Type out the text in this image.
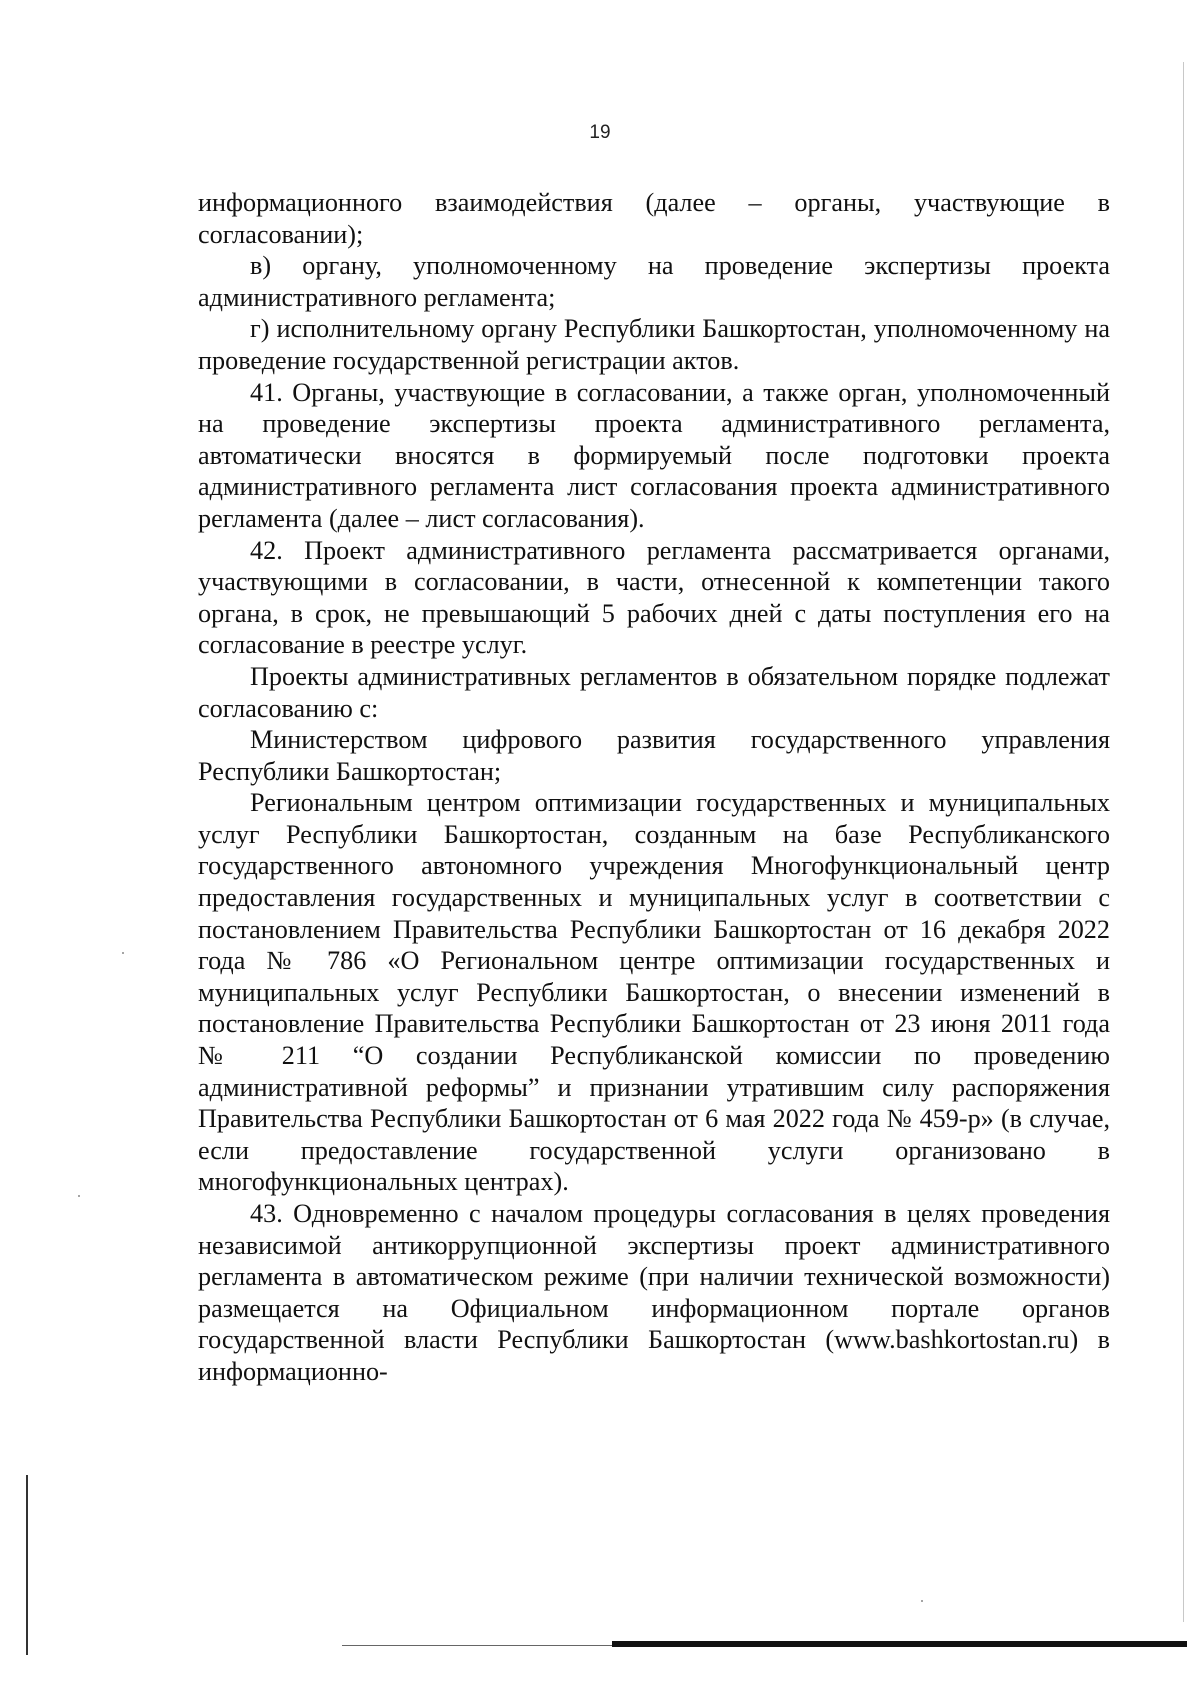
19

информационного взаимодействия (далее – органы, участвующие в согласовании);

в) органу, уполномоченному на проведение экспертизы проекта административного регламента;

г) исполнительному органу Республики Башкортостан, уполномоченному на проведение государственной регистрации актов.

41. Органы, участвующие в согласовании, а также орган, уполномоченный на проведение экспертизы проекта административного регламента, автоматически вносятся в формируемый после подготовки проекта административного регламента лист согласования проекта административного регламента (далее – лист согласования).

42. Проект административного регламента рассматривается органами, участвующими в согласовании, в части, отнесенной к компетенции такого органа, в срок, не превышающий 5 рабочих дней с даты поступления его на согласование в реестре услуг.

Проекты административных регламентов в обязательном порядке подлежат согласованию с:

Министерством цифрового развития государственного управления Республики Башкортостан;

Региональным центром оптимизации государственных и муниципальных услуг Республики Башкортостан, созданным на базе Республиканского государственного автономного учреждения Многофункциональный центр предоставления государственных и муниципальных услуг в соответствии с постановлением Правительства Республики Башкортостан от 16 декабря 2022 года № 786 «О Региональном центре оптимизации государственных и муниципальных услуг Республики Башкортостан, о внесении изменений в постановление Правительства Республики Башкортостан от 23 июня 2011 года № 211 “О создании Республиканской комиссии по проведению административной реформы” и признании утратившим силу распоряжения Правительства Республики Башкортостан от 6 мая 2022 года № 459-р» (в случае, если предоставление государственной услуги организовано в многофункциональных центрах).

43. Одновременно с началом процедуры согласования в целях проведения независимой антикоррупционной экспертизы проект административного регламента в автоматическом режиме (при наличии технической возможности) размещается на Официальном информационном портале органов государственной власти Республики Башкортостан (www.bashkortostan.ru) в информационно-
